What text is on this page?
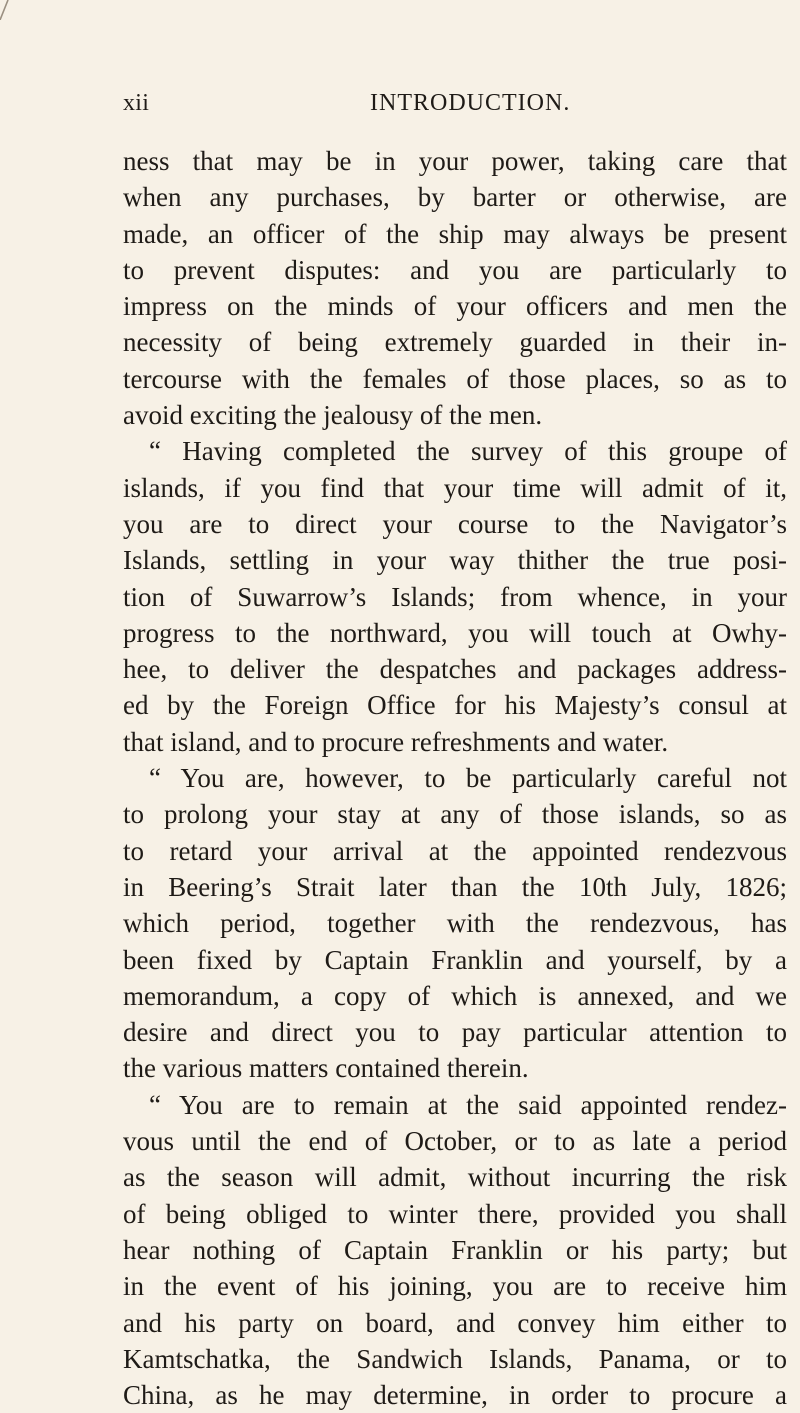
xii	INTRODUCTION.
ness that may be in your power, taking care that
when any purchases, by barter or otherwise, are
made, an officer of the ship may always be present
to prevent disputes: and you are particularly to
impress on the minds of your officers and men the
necessity of being extremely guarded in their in-
tercourse with the females of those places, so as to
avoid exciting the jealousy of the men.
“ Having completed the survey of this groupe of
islands, if you find that your time will admit of it,
you are to direct your course to the Navigator’s
Islands, settling in your way thither the true posi-
tion of Suwarrow’s Islands; from whence, in your
progress to the northward, you will touch at Owhy-
hee, to deliver the despatches and packages address-
ed by the Foreign Office for his Majesty’s consul at
that island, and to procure refreshments and water.
“ You are, however, to be particularly careful not
to prolong your stay at any of those islands, so as
to retard your arrival at the appointed rendezvous
in Beering’s Strait later than the 10th July, 1826;
which period, together with the rendezvous, has
been fixed by Captain Franklin and yourself, by a
memorandum, a copy of which is annexed, and we
desire and direct you to pay particular attention to
the various matters contained therein.
“ You are to remain at the said appointed rendez-
vous until the end of October, or to as late a period
as the season will admit, without incurring the risk
of being obliged to winter there, provided you shall
hear nothing of Captain Franklin or his party; but
in the event of his joining, you are to receive him
and his party on board, and convey him either to
Kamtschatka, the Sandwich Islands, Panama, or to
China, as he may determine, in order to procure a
